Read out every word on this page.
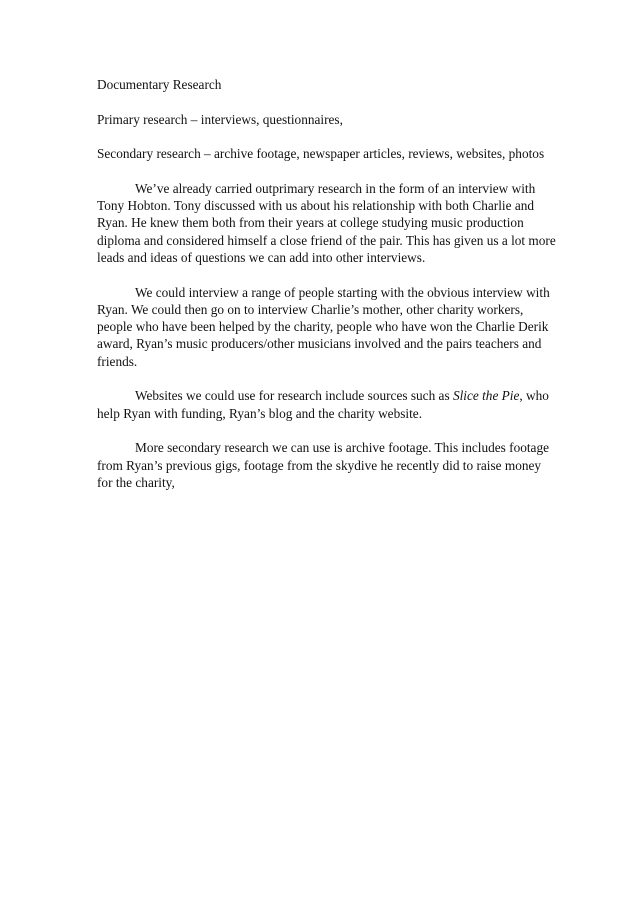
Documentary Research

Primary research – interviews, questionnaires,

Secondary research – archive footage, newspaper articles, reviews, websites, photos

We’ve already carried outprimary research in the form of an interview with Tony Hobton. Tony discussed with us about his relationship with both Charlie and Ryan. He knew them both from their years at college studying music production diploma and considered himself a close friend of the pair. This has given us a lot more leads and ideas of questions we can add into other interviews.

We could interview a range of people starting with the obvious interview with Ryan. We could then go on to interview Charlie’s mother, other charity workers, people who have been helped by the charity, people who have won the Charlie Derik award, Ryan’s music producers/other musicians involved and the pairs teachers and friends.

Websites we could use for research include sources such as Slice the Pie, who help Ryan with funding, Ryan’s blog and the charity website.

More secondary research we can use is archive footage. This includes footage from Ryan’s previous gigs, footage from the skydive he recently did to raise money for the charity,
